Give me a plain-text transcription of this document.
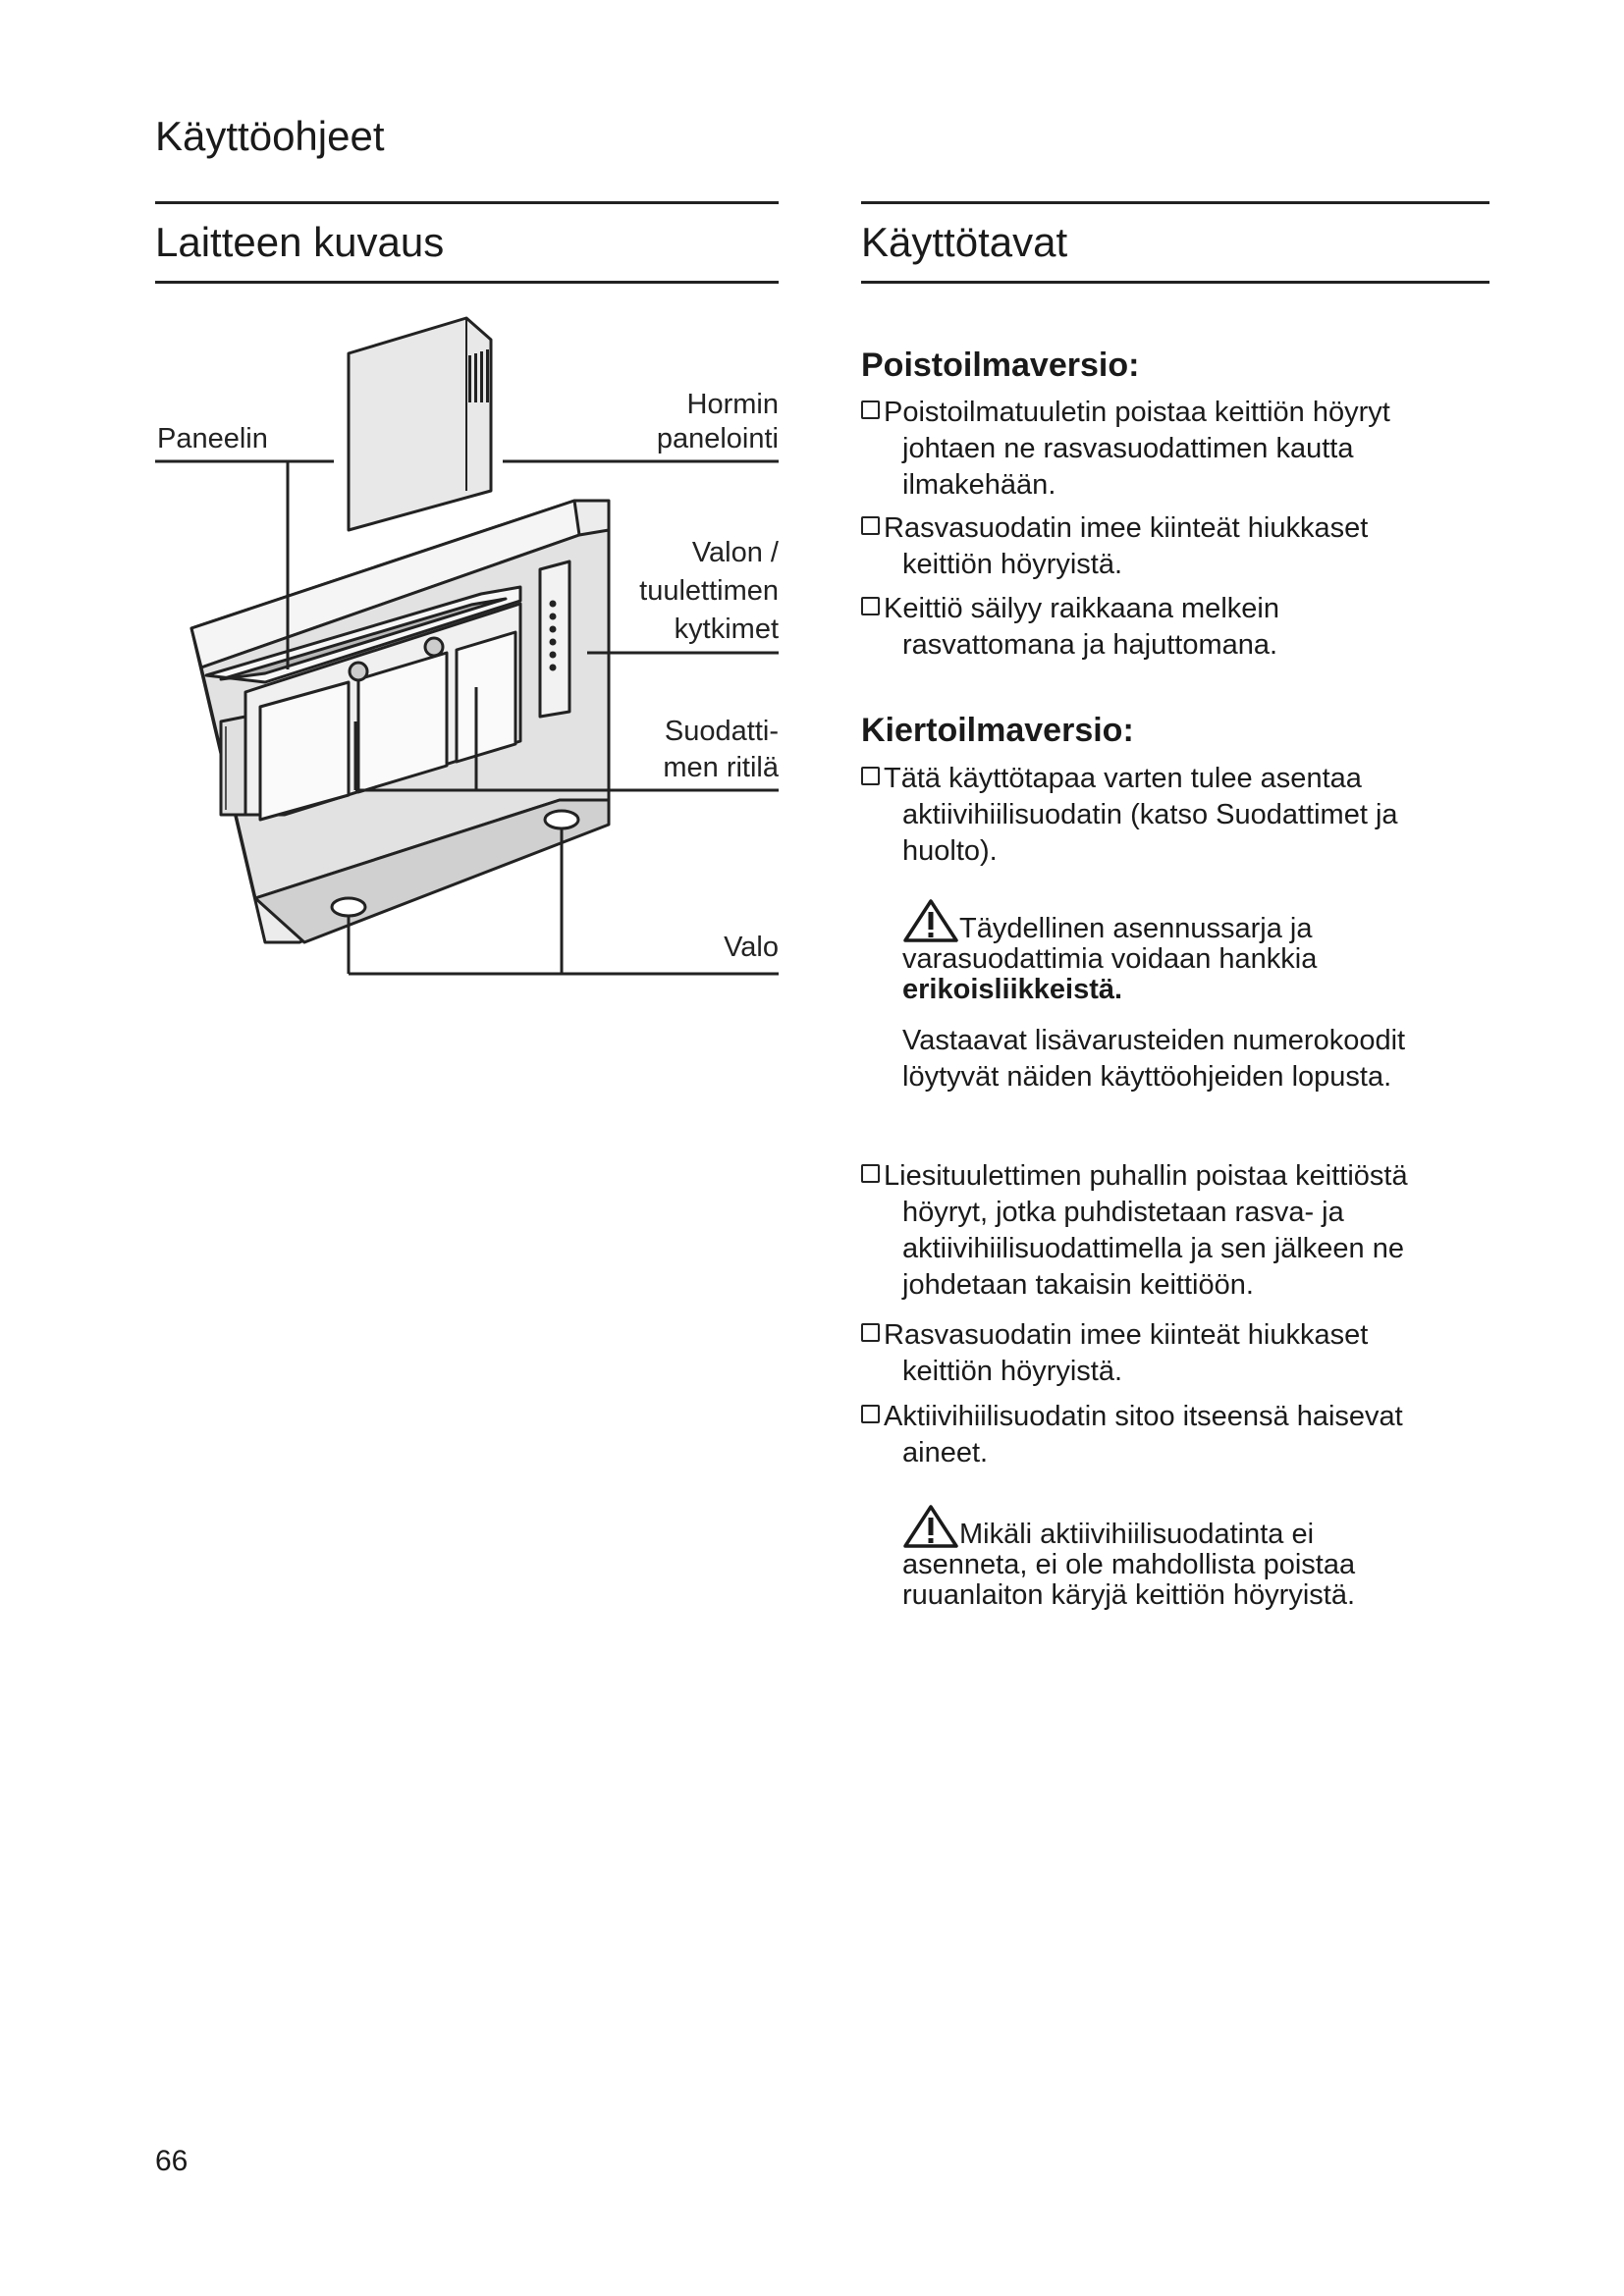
Käyttöohjeet
Laitteen kuvaus
Paneelin
Hormin
panelointi
Valon /
tuulettimen
kytkimet
Suodatti-
men ritilä
Valo
Käyttötavat
Poistoilmaversio:
Poistoilmatuuletin poistaa keittiön höyryt
johtaen ne rasvasuodattimen kautta
ilmakehään.
Rasvasuodatin imee kiinteät hiukkaset
keittiön höyryistä.
Keittiö säilyy raikkaana melkein
rasvattomana ja hajuttomana.
Kiertoilmaversio:
Tätä käyttötapaa varten tulee asentaa
aktiivihiilisuodatin (katso Suodattimet ja
huolto).
Täydellinen asennussarja ja
varasuodattimia voidaan hankkia
erikoisliikkeistä.
Vastaavat lisävarusteiden numerokoodit
löytyvät näiden käyttöohjeiden lopusta.
Liesituulettimen puhallin poistaa keittiöstä
höyryt, jotka puhdistetaan rasva- ja
aktiivihiilisuodattimella ja sen jälkeen ne
johdetaan takaisin keittiöön.
Rasvasuodatin imee kiinteät hiukkaset
keittiön höyryistä.
Aktiivihiilisuodatin sitoo itseensä haisevat
aineet.
Mikäli aktiivihiilisuodatinta ei
asenneta, ei ole mahdollista poistaa
ruuanlaiton käryjä keittiön höyryistä.
66
